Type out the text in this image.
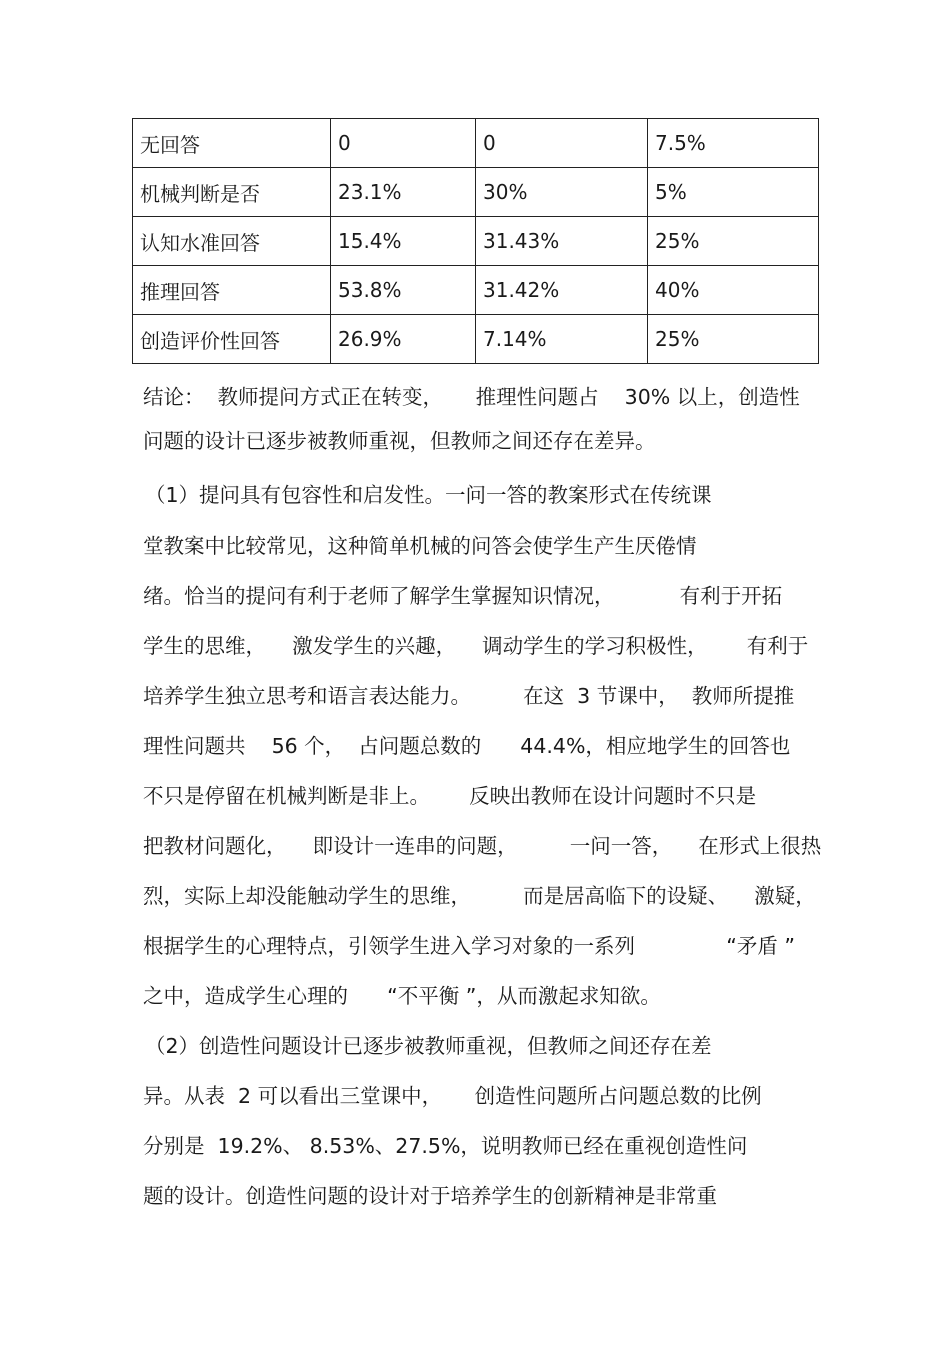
无回答	0	0	7.5%
机械判断是否	23.1%	30%	5%
认知水准回答	15.4%	31.43%	25%
推理回答	53.8%	31.42%	40%
创造评价性回答	26.9%	7.14%	25%
结论：  教师提问方式正在转变，     推理性问题占    30% 以上，创造性
问题的设计已逐步被教师重视，但教师之间还存在差异。
（1）提问具有包容性和启发性。一问一答的教案形式在传统课
堂教案中比较常见，这种简单机械的问答会使学生产生厌倦情
绪。恰当的提问有利于老师了解学生掌握知识情况，          有利于开拓
学生的思维，    激发学生的兴趣，    调动学生的学习积极性，      有利于
培养学生独立思考和语言表达能力。        在这  3 节课中，  教师所提推
理性问题共    56 个，  占问题总数的      44.4%，相应地学生的回答也
不只是停留在机械判断是非上。      反映出教师在设计问题时不只是
把教材问题化，    即设计一连串的问题，        一问一答，    在形式上很热
烈，实际上却没能触动学生的思维，        而是居高临下的设疑、    激疑，
根据学生的心理特点，引领学生进入学习对象的一系列              “矛盾 ”
之中，造成学生心理的      “不平衡 ”，从而激起求知欲。
（2）创造性问题设计已逐步被教师重视，但教师之间还存在差
异。从表  2 可以看出三堂课中，     创造性问题所占问题总数的比例
分别是  19.2%、 8.53%、27.5%，说明教师已经在重视创造性问
题的设计。创造性问题的设计对于培养学生的创新精神是非常重
